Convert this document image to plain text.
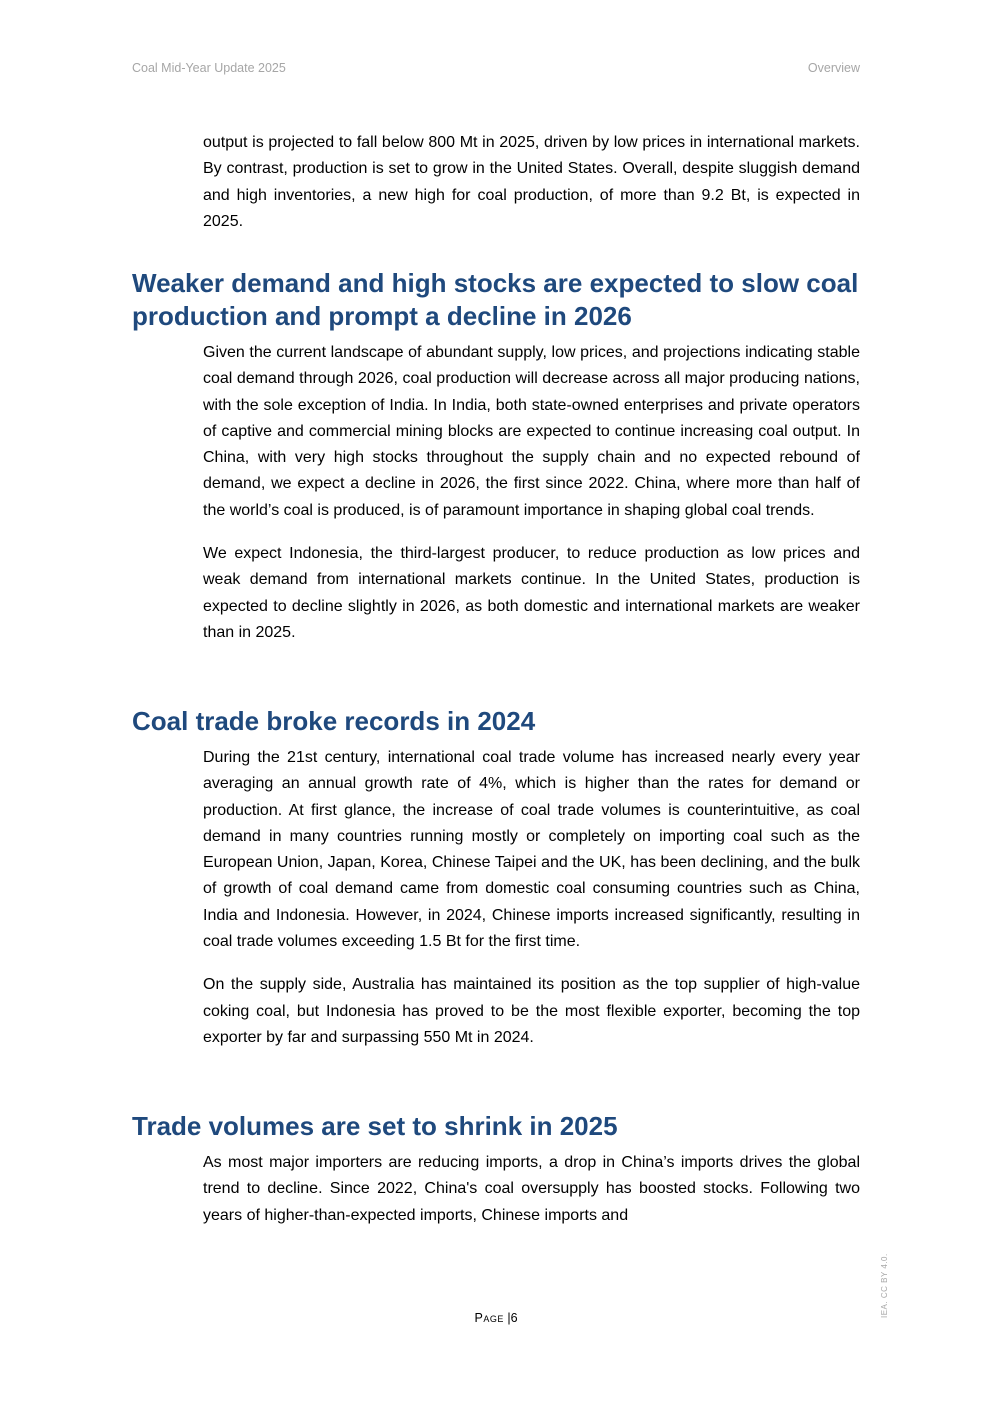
Coal Mid-Year Update 2025	Overview

output is projected to fall below 800 Mt in 2025, driven by low prices in international markets. By contrast, production is set to grow in the United States. Overall, despite sluggish demand and high inventories, a new high for coal production, of more than 9.2 Bt, is expected in 2025.

Weaker demand and high stocks are expected to slow coal production and prompt a decline in 2026

Given the current landscape of abundant supply, low prices, and projections indicating stable coal demand through 2026, coal production will decrease across all major producing nations, with the sole exception of India. In India, both state-owned enterprises and private operators of captive and commercial mining blocks are expected to continue increasing coal output. In China, with very high stocks throughout the supply chain and no expected rebound of demand, we expect a decline in 2026, the first since 2022. China, where more than half of the world’s coal is produced, is of paramount importance in shaping global coal trends.

We expect Indonesia, the third-largest producer, to reduce production as low prices and weak demand from international markets continue. In the United States, production is expected to decline slightly in 2026, as both domestic and international markets are weaker than in 2025.

Coal trade broke records in 2024

During the 21st century, international coal trade volume has increased nearly every year averaging an annual growth rate of 4%, which is higher than the rates for demand or production. At first glance, the increase of coal trade volumes is counterintuitive, as coal demand in many countries running mostly or completely on importing coal such as the European Union, Japan, Korea, Chinese Taipei and the UK, has been declining, and the bulk of growth of coal demand came from domestic coal consuming countries such as China, India and Indonesia. However, in 2024, Chinese imports increased significantly, resulting in coal trade volumes exceeding 1.5 Bt for the first time.

On the supply side, Australia has maintained its position as the top supplier of high-value coking coal, but Indonesia has proved to be the most flexible exporter, becoming the top exporter by far and surpassing 550 Mt in 2024.

Trade volumes are set to shrink in 2025

As most major importers are reducing imports, a drop in China’s imports drives the global trend to decline. Since 2022, China's coal oversupply has boosted stocks. Following two years of higher-than-expected imports, Chinese imports and

Page |6	IEA. CC BY 4.0.
